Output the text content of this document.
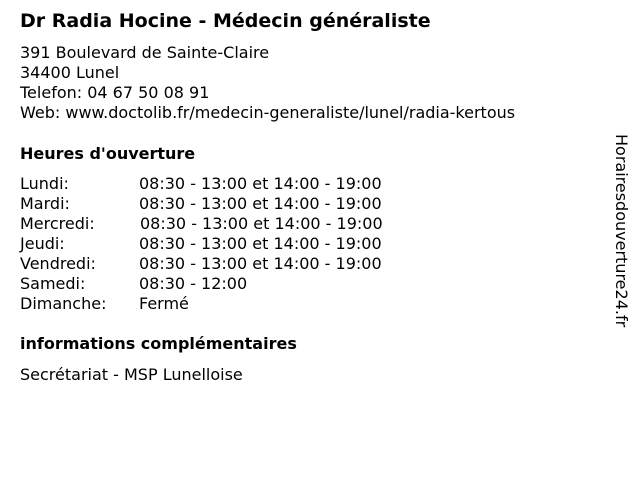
Dr Radia Hocine - Médecin généraliste
391 Boulevard de Sainte-Claire
34400 Lunel
Telefon: 04 67 50 08 91
Web: www.doctolib.fr/medecin-generaliste/lunel/radia-kertous
Heures d'ouverture
Lundi:	08:30 - 13:00 et 14:00 - 19:00
Mardi:	08:30 - 13:00 et 14:00 - 19:00
Mercredi:	08:30 - 13:00 et 14:00 - 19:00
Jeudi:	08:30 - 13:00 et 14:00 - 19:00
Vendredi:	08:30 - 13:00 et 14:00 - 19:00
Samedi:	08:30 - 12:00
Dimanche: Fermé
informations complémentaires
Secrétariat - MSP Lunelloise
Horairesdouverture24.fr
